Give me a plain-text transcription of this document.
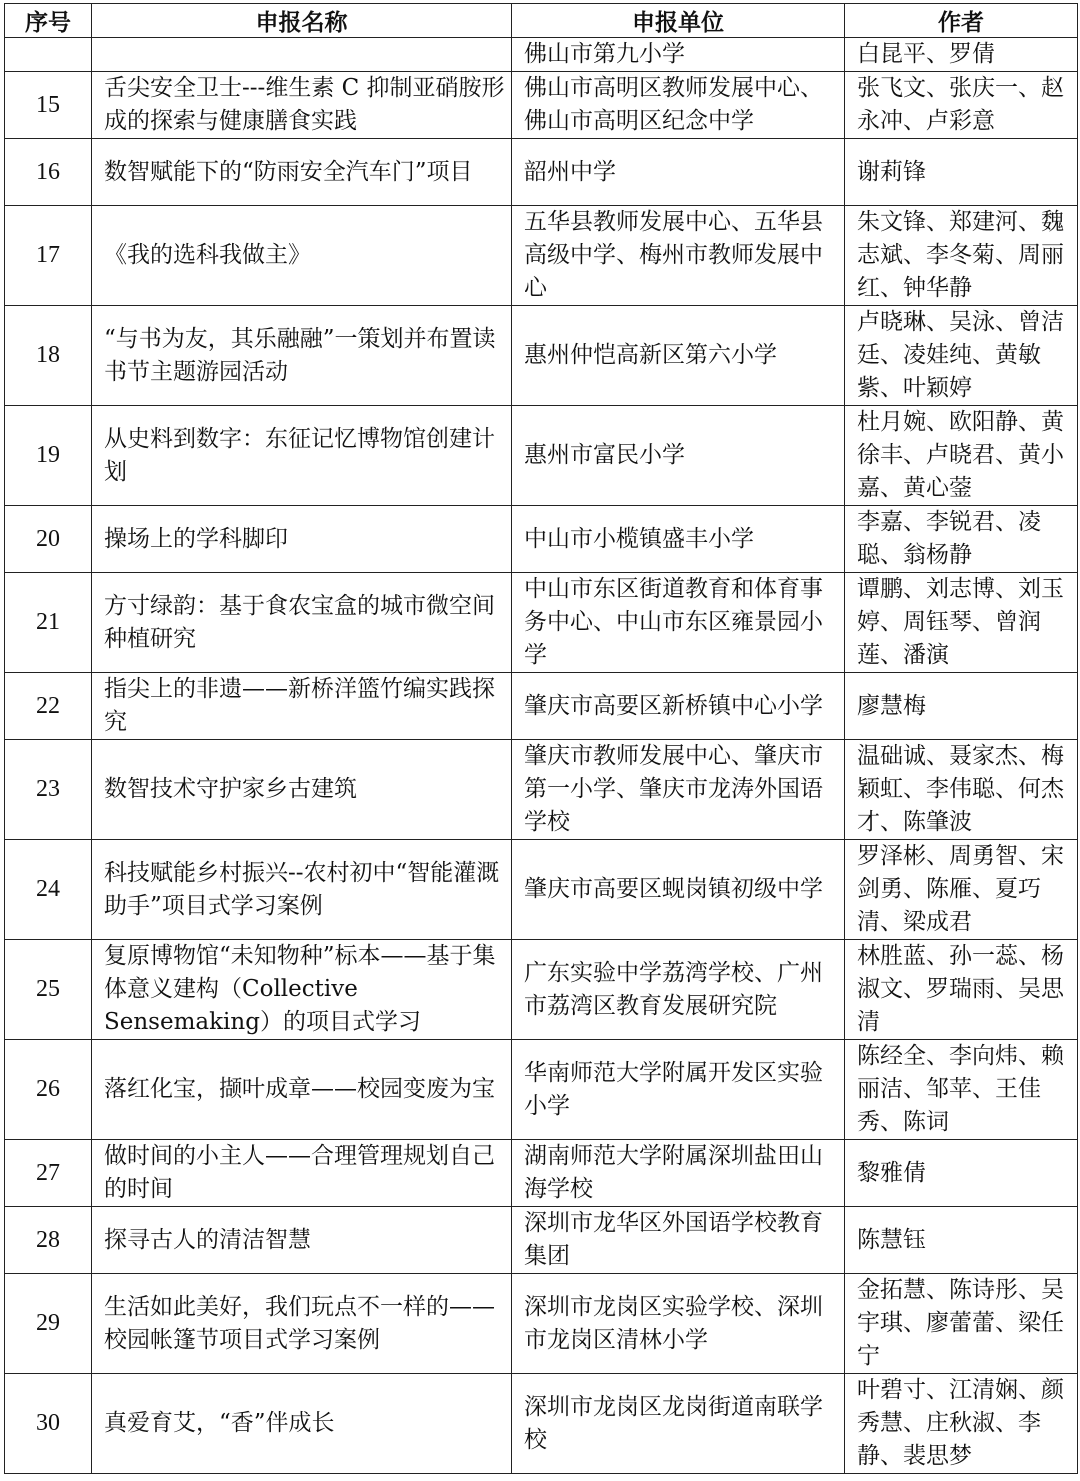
序号	申报名称	申报单位	作者
		佛山市第九小学	白昆平、罗倩
15	舌尖安全卫士---维生素 C 抑制亚硝胺形成的探索与健康膳食实践	佛山市高明区教师发展中心、佛山市高明区纪念中学	张飞文、张庆一、赵永冲、卢彩意
16	数智赋能下的“防雨安全汽车门”项目	韶州中学	谢莉锋
17	《我的选科我做主》	五华县教师发展中心、五华县高级中学、梅州市教师发展中心	朱文锋、郑建河、魏志斌、李冬菊、周丽红、钟华静
18	“与书为友，其乐融融”一策划并布置读书节主题游园活动	惠州仲恺高新区第六小学	卢晓琳、吴泳、曾洁廷、凌娃纯、黄敏紫、叶颖婷
19	从史料到数字：东征记忆博物馆创建计划	惠州市富民小学	杜月婉、欧阳静、黄徐丰、卢晓君、黄小嘉、黄心蓥
20	操场上的学科脚印	中山市小榄镇盛丰小学	李嘉、李锐君、凌聪、翁杨静
21	方寸绿韵：基于食农宝盒的城市微空间种植研究	中山市东区街道教育和体育事务中心、中山市东区雍景园小学	谭鹏、刘志博、刘玉婷、周钰琴、曾润莲、潘演
22	指尖上的非遗——新桥洋篮竹编实践探究	肇庆市高要区新桥镇中心小学	廖慧梅
23	数智技术守护家乡古建筑	肇庆市教师发展中心、肇庆市第一小学、肇庆市龙涛外国语学校	温础诚、聂家杰、梅颖虹、李伟聪、何杰才、陈肇波
24	科技赋能乡村振兴--农村初中“智能灌溉助手”项目式学习案例	肇庆市高要区蚬岗镇初级中学	罗泽彬、周勇智、宋剑勇、陈雁、夏巧清、梁成君
25	复原博物馆“未知物种”标本——基于集体意义建构（Collective Sensemaking）的项目式学习	广东实验中学荔湾学校、广州市荔湾区教育发展研究院	林胜蓝、孙一蕊、杨淑文、罗瑞雨、吴思清
26	落红化宝，撷叶成章——校园变废为宝	华南师范大学附属开发区实验小学	陈经全、李向炜、赖丽洁、邹苹、王佳秀、陈词
27	做时间的小主人——合理管理规划自己的时间	湖南师范大学附属深圳盐田山海学校	黎雅倩
28	探寻古人的清洁智慧	深圳市龙华区外国语学校教育集团	陈慧钰
29	生活如此美好，我们玩点不一样的——校园帐篷节项目式学习案例	深圳市龙岗区实验学校、深圳市龙岗区清林小学	金拓慧、陈诗彤、吴宇琪、廖蕾蕾、梁任宁
30	真爱育艾，“香”伴成长	深圳市龙岗区龙岗街道南联学校	叶碧寸、江清娴、颜秀慧、庄秋淑、李静、裴思梦
